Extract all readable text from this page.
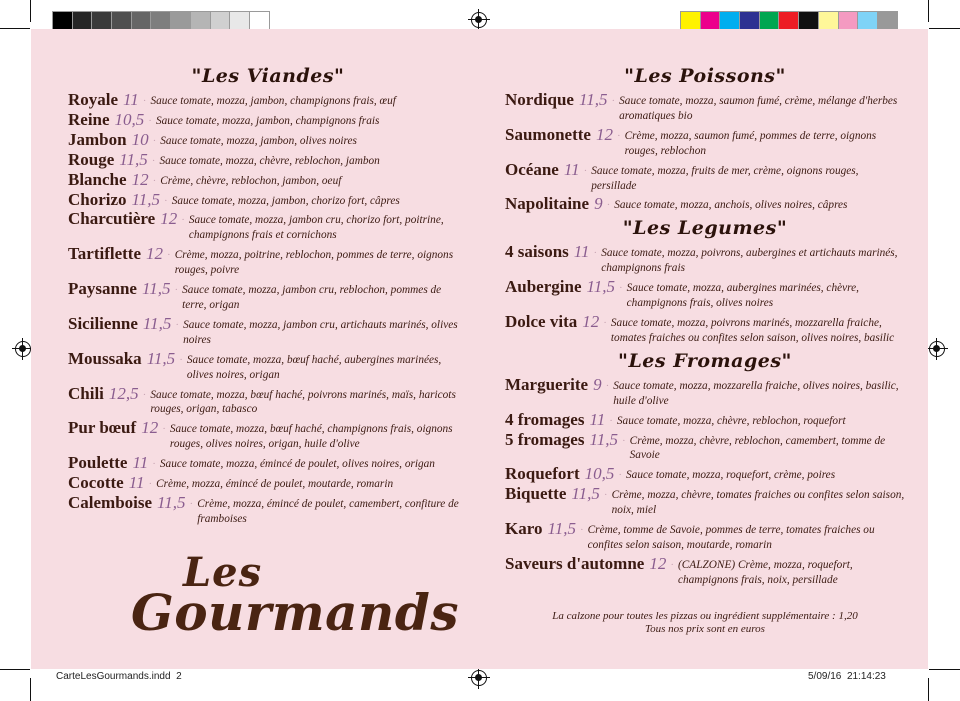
CarteLesGourmands.indd 2	5/09/16 21:14:23
"Les Viandes"
Royale 11 · Sauce tomate, mozza, jambon, champignons frais, œuf
Reine 10,5 · Sauce tomate, mozza, jambon, champignons frais
Jambon 10 · Sauce tomate, mozza, jambon, olives noires
Rouge 11,5 · Sauce tomate, mozza, chèvre, reblochon, jambon
Blanche 12 · Crème, chèvre, reblochon, jambon, oeuf
Chorizo 11,5 · Sauce tomate, mozza, jambon, chorizo fort, câpres
Charcutière 12 · Sauce tomate, mozza, jambon cru, chorizo fort, poitrine, champignons frais et cornichons
Tartiflette 12 · Crème, mozza, poitrine, reblochon, pommes de terre, oignons rouges, poivre
Paysanne 11,5 · Sauce tomate, mozza, jambon cru, reblochon, pommes de terre, origan
Sicilienne 11,5 · Sauce tomate, mozza, jambon cru, artichauts marinés, olives noires
Moussaka 11,5 · Sauce tomate, mozza, bœuf haché, aubergines marinées, olives noires, origan
Chili 12,5 · Sauce tomate, mozza, bœuf haché, poivrons marinés, maïs, haricots rouges, origan, tabasco
Pur bœuf 12 · Sauce tomate, mozza, bœuf haché, champignons frais, oignons rouges, olives noires, origan, huile d'olive
Poulette 11 · Sauce tomate, mozza, émincé de poulet, olives noires, origan
Cocotte 11 · Crème, mozza, émincé de poulet, moutarde, romarin
Calemboise 11,5 · Crème, mozza, émincé de poulet, camembert, confiture de framboises
"Les Poissons"
Nordique 11,5 · Sauce tomate, mozza, saumon fumé, crème, mélange d'herbes aromatiques bio
Saumonette 12 · Crème, mozza, saumon fumé, pommes de terre, oignons rouges, reblochon
Océane 11 · Sauce tomate, mozza, fruits de mer, crème, oignons rouges, persillade
Napolitaine 9 · Sauce tomate, mozza, anchois, olives noires, câpres
"Les Legumes"
4 saisons 11 · Sauce tomate, mozza, poivrons, aubergines et artichauts marinés, champignons frais
Aubergine 11,5 · Sauce tomate, mozza, aubergines marinées, chèvre, champignons frais, olives noires
Dolce vita 12 · Sauce tomate, mozza, poivrons marinés, mozzarella fraiche, tomates fraiches ou confites selon saison, olives noires, basilic
"Les Fromages"
Marguerite 9 · Sauce tomate, mozza, mozzarella fraiche, olives noires, basilic, huile d'olive
4 fromages 11 · Sauce tomate, mozza, chèvre, reblochon, roquefort
5 fromages 11,5 · Crème, mozza, chèvre, reblochon, camembert, tomme de Savoie
Roquefort 10,5 · Sauce tomate, mozza, roquefort, crème, poires
Biquette 11,5 · Crème, mozza, chèvre, tomates fraiches ou confites selon saison, noix, miel
Karo 11,5 · Crème, tomme de Savoie, pommes de terre, tomates fraiches ou confites selon saison, moutarde, romarin
Saveurs d'automne 12 · (CALZONE) Crème, mozza, roquefort, champignons frais, noix, persillade
La calzone pour toutes les pizzas ou ingrédient supplémentaire : 1,20
Tous nos prix sont en euros
Les
Gourmands
